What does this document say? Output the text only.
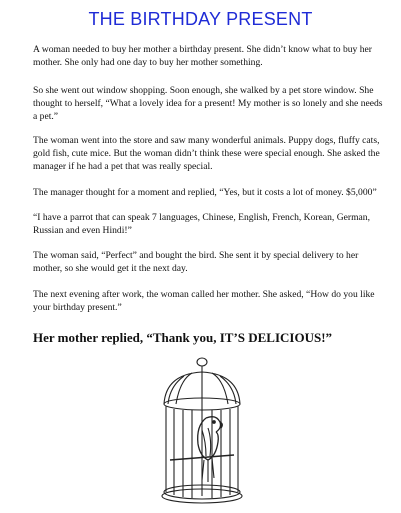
THE BIRTHDAY PRESENT

A woman needed to buy her mother a birthday present. She didn’t know what to buy her mother. She only had one day to buy her mother something.

So she went out window shopping. Soon enough, she walked by a pet store window. She thought to herself, “What a lovely idea for a present! My mother is so lonely and she needs a pet.”

The woman went into the store and saw many wonderful animals. Puppy dogs, fluffy cats, gold fish, cute mice. But the woman didn’t think these were special enough. She asked the manager if he had a pet that was really special.

The manager thought for a moment and replied, “Yes, but it costs a lot of money. $5,000”

“I have a parrot that can speak 7 languages, Chinese, English, French, Korean, German, Russian and even Hindi!”

The woman said, “Perfect” and bought the bird. She sent it by special delivery to her mother, so she would get it the next day.

The next evening after work, the woman called her mother. She asked, “How do you like your birthday present.”

Her mother replied, “Thank you, IT’S DELICIOUS!”
